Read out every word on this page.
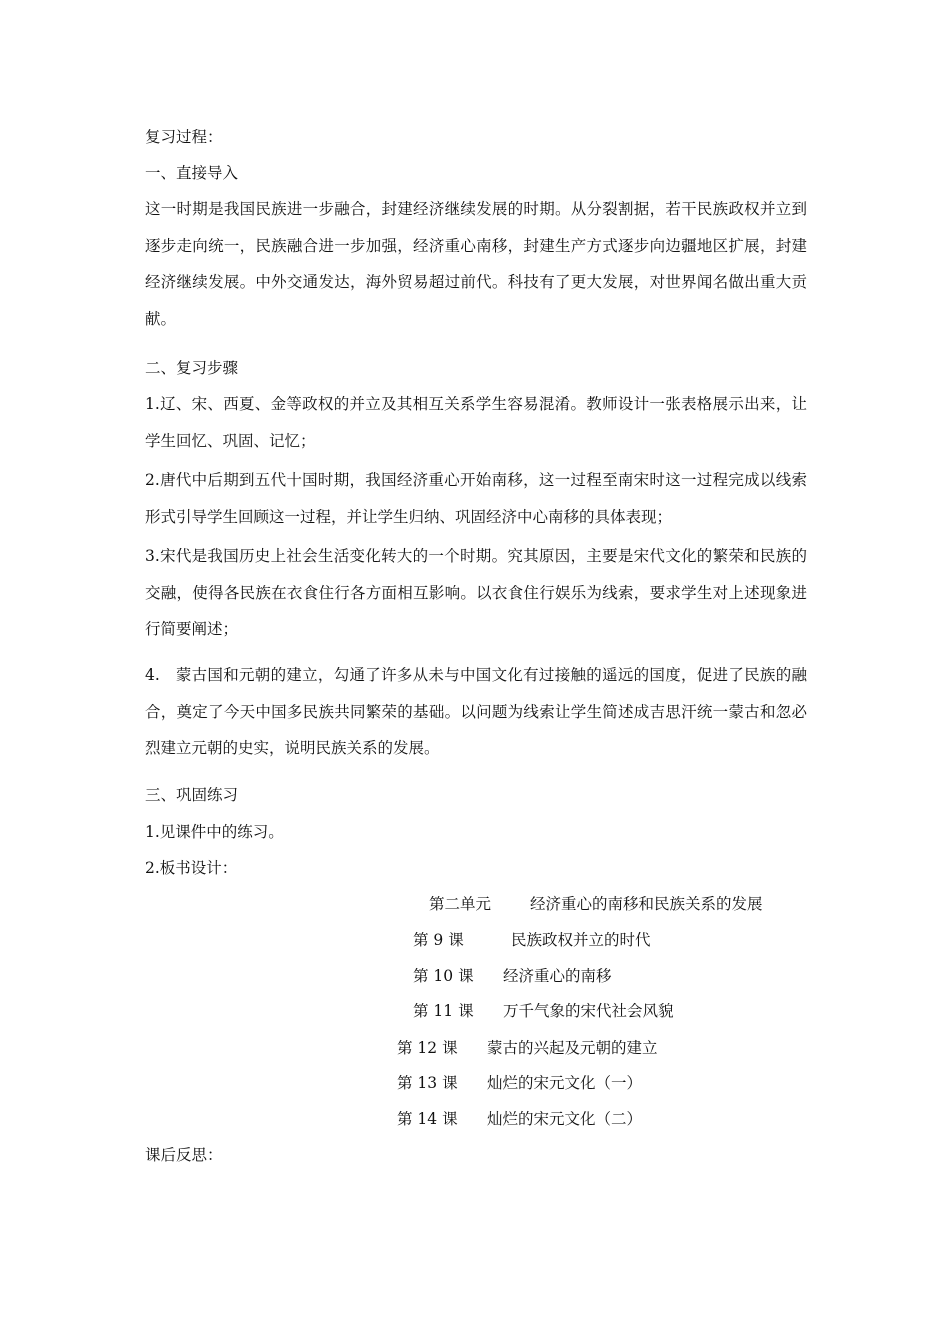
复习过程：
一、直接导入
这一时期是我国民族进一步融合，封建经济继续发展的时期。从分裂割据，若干民族政权并立到逐步走向统一，民族融合进一步加强，经济重心南移，封建生产方式逐步向边疆地区扩展，封建经济继续发展。中外交通发达，海外贸易超过前代。科技有了更大发展，对世界闻名做出重大贡献。
二、复习步骤
1.辽、宋、西夏、金等政权的并立及其相互关系学生容易混淆。教师设计一张表格展示出来，让学生回忆、巩固、记忆；
2.唐代中后期到五代十国时期，我国经济重心开始南移，这一过程至南宋时这一过程完成以线索形式引导学生回顾这一过程，并让学生归纳、巩固经济中心南移的具体表现；
3.宋代是我国历史上社会生活变化转大的一个时期。究其原因，主要是宋代文化的繁荣和民族的交融，使得各民族在衣食住行各方面相互影响。以衣食住行娱乐为线索，要求学生对上述现象进行简要阐述；
4.　蒙古国和元朝的建立，勾通了许多从未与中国文化有过接触的遥远的国度，促进了民族的融合，奠定了今天中国多民族共同繁荣的基础。以问题为线索让学生简述成吉思汗统一蒙古和忽必烈建立元朝的史实，说明民族关系的发展。
三、巩固练习
1.见课件中的练习。
2.板书设计：
第二单元	经济重心的南移和民族关系的发展
第 9 课	民族政权并立的时代
第 10 课 经济重心的南移
第 11 课 万千气象的宋代社会风貌
第 12 课 蒙古的兴起及元朝的建立
第 13 课 灿烂的宋元文化（一）
第 14 课 灿烂的宋元文化（二）
课后反思：
